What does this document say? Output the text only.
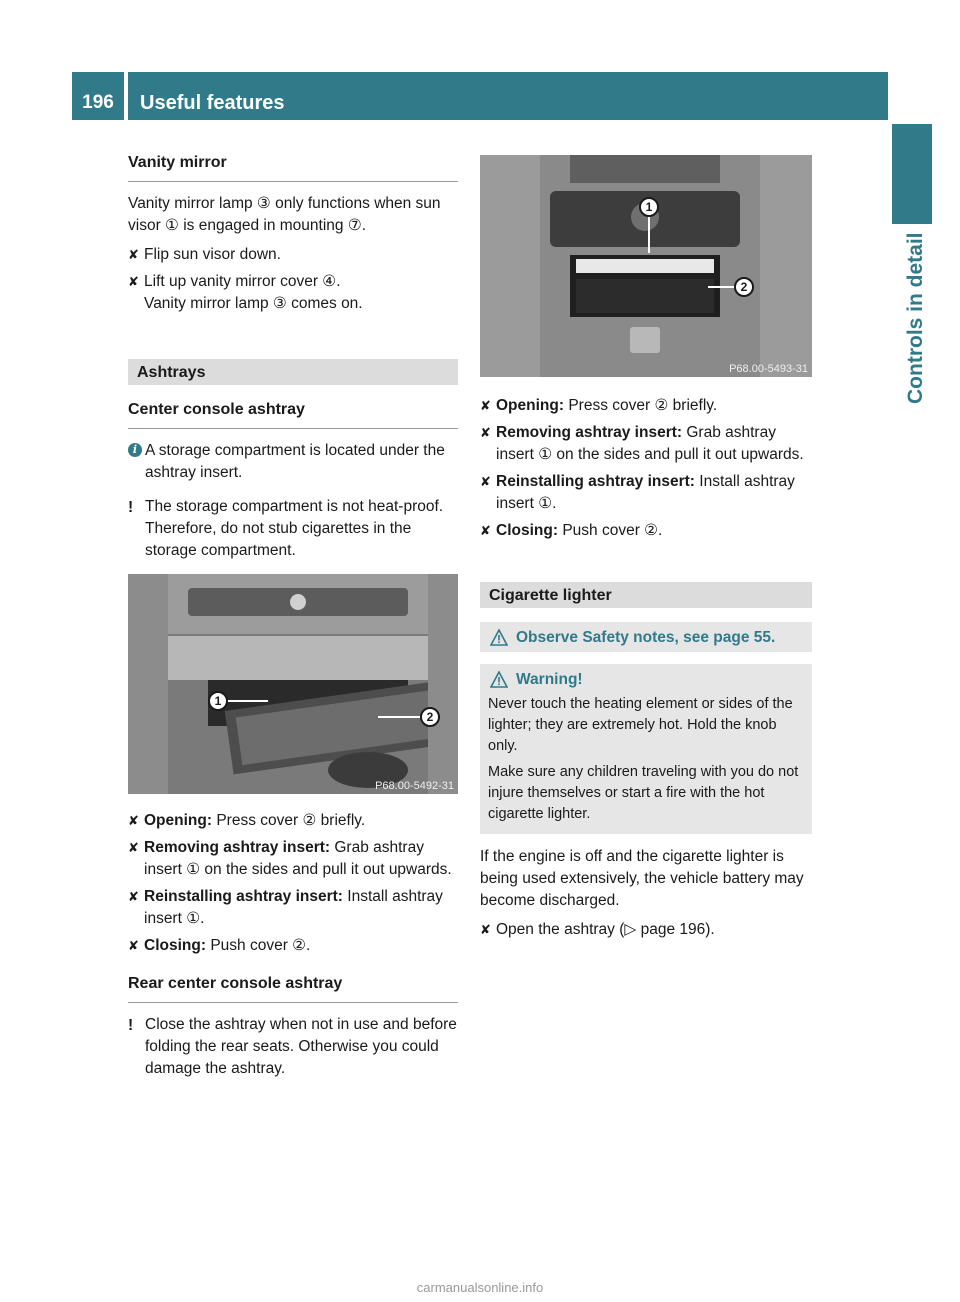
196	Useful features
Controls in detail
Vanity mirror

Vanity mirror lamp ③ only functions when sun visor ① is engaged in mounting ⑦.

✘ Flip sun visor down.
✘ Lift up vanity mirror cover ④.
Vanity mirror lamp ③ comes on.
Ashtrays
Center console ashtray
i A storage compartment is located under the ashtray insert.
! The storage compartment is not heat-proof. Therefore, do not stub cigarettes in the storage compartment.
1
2
P68.00-5492-31
✘ Opening: Press cover ② briefly.
✘ Removing ashtray insert: Grab ashtray insert ① on the sides and pull it out upwards.
✘ Reinstalling ashtray insert: Install ashtray insert ①.
✘ Closing: Push cover ②.
Rear center console ashtray
! Close the ashtray when not in use and before folding the rear seats. Otherwise you could damage the ashtray.
1
2
P68.00-5493-31
✘ Opening: Press cover ② briefly.
✘ Removing ashtray insert: Grab ashtray insert ① on the sides and pull it out upwards.
✘ Reinstalling ashtray insert: Install ashtray insert ①.
✘ Closing: Push cover ②.
Cigarette lighter
Observe Safety notes, see page 55.
Warning!

Never touch the heating element or sides of the lighter; they are extremely hot. Hold the knob only.

Make sure any children traveling with you do not injure themselves or start a fire with the hot cigarette lighter.

If the engine is off and the cigarette lighter is being used extensively, the vehicle battery may become discharged.

✘ Open the ashtray (▷ page 196).
carmanualsonline.info
